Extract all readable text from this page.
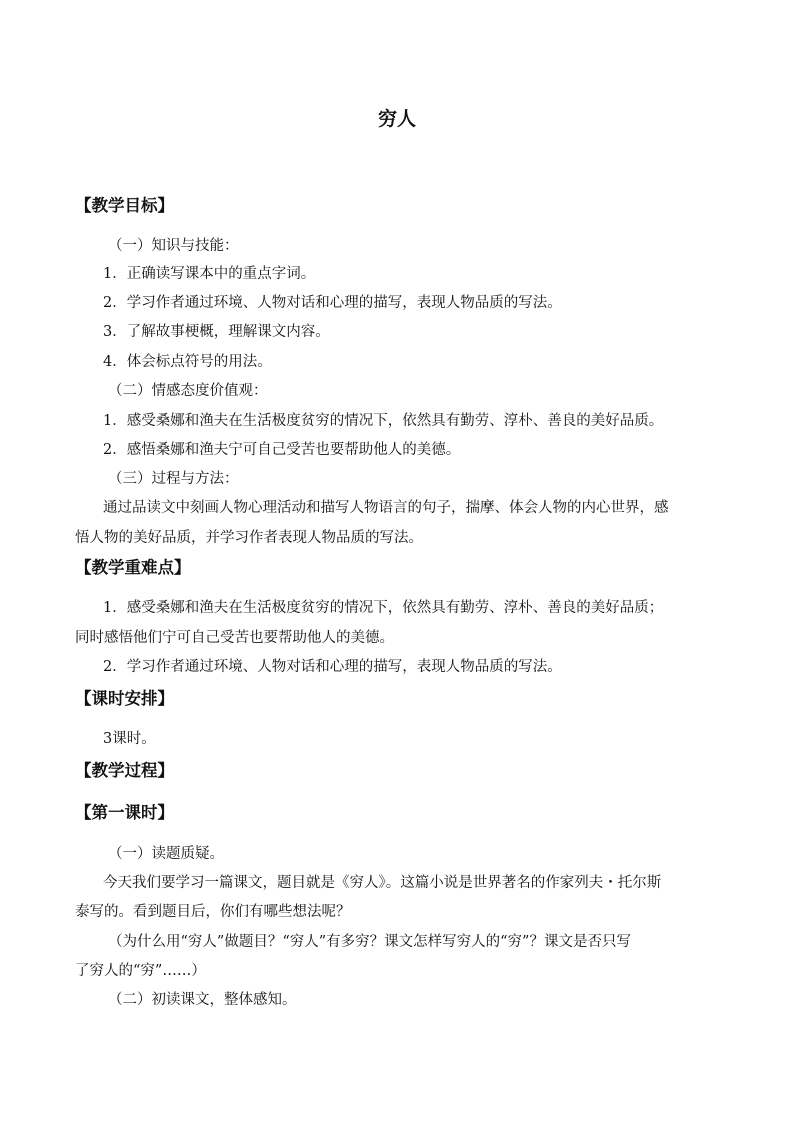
穷人
【教学目标】
（一）知识与技能：
1．正确读写课本中的重点字词。
2．学习作者通过环境、人物对话和心理的描写，表现人物品质的写法。
3．了解故事梗概，理解课文内容。
4．体会标点符号的用法。
（二）情感态度价值观：
1．感受桑娜和渔夫在生活极度贫穷的情况下，依然具有勤劳、淳朴、善良的美好品质。
2．感悟桑娜和渔夫宁可自己受苦也要帮助他人的美德。
（三）过程与方法：
通过品读文中刻画人物心理活动和描写人物语言的句子，揣摩、体会人物的内心世界，感
悟人物的美好品质，并学习作者表现人物品质的写法。
【教学重难点】
1．感受桑娜和渔夫在生活极度贫穷的情况下，依然具有勤劳、淳朴、善良的美好品质；
同时感悟他们宁可自己受苦也要帮助他人的美德。
2．学习作者通过环境、人物对话和心理的描写，表现人物品质的写法。
【课时安排】
3课时。
【教学过程】
【第一课时】
（一）读题质疑。
今天我们要学习一篇课文，题目就是《穷人》。这篇小说是世界著名的作家列夫・托尔斯
泰写的。看到题目后，你们有哪些想法呢？
（为什么用“穷人”做题目？“穷人”有多穷？课文怎样写穷人的“穷”？课文是否只写
了穷人的“穷”……）
（二）初读课文，整体感知。
